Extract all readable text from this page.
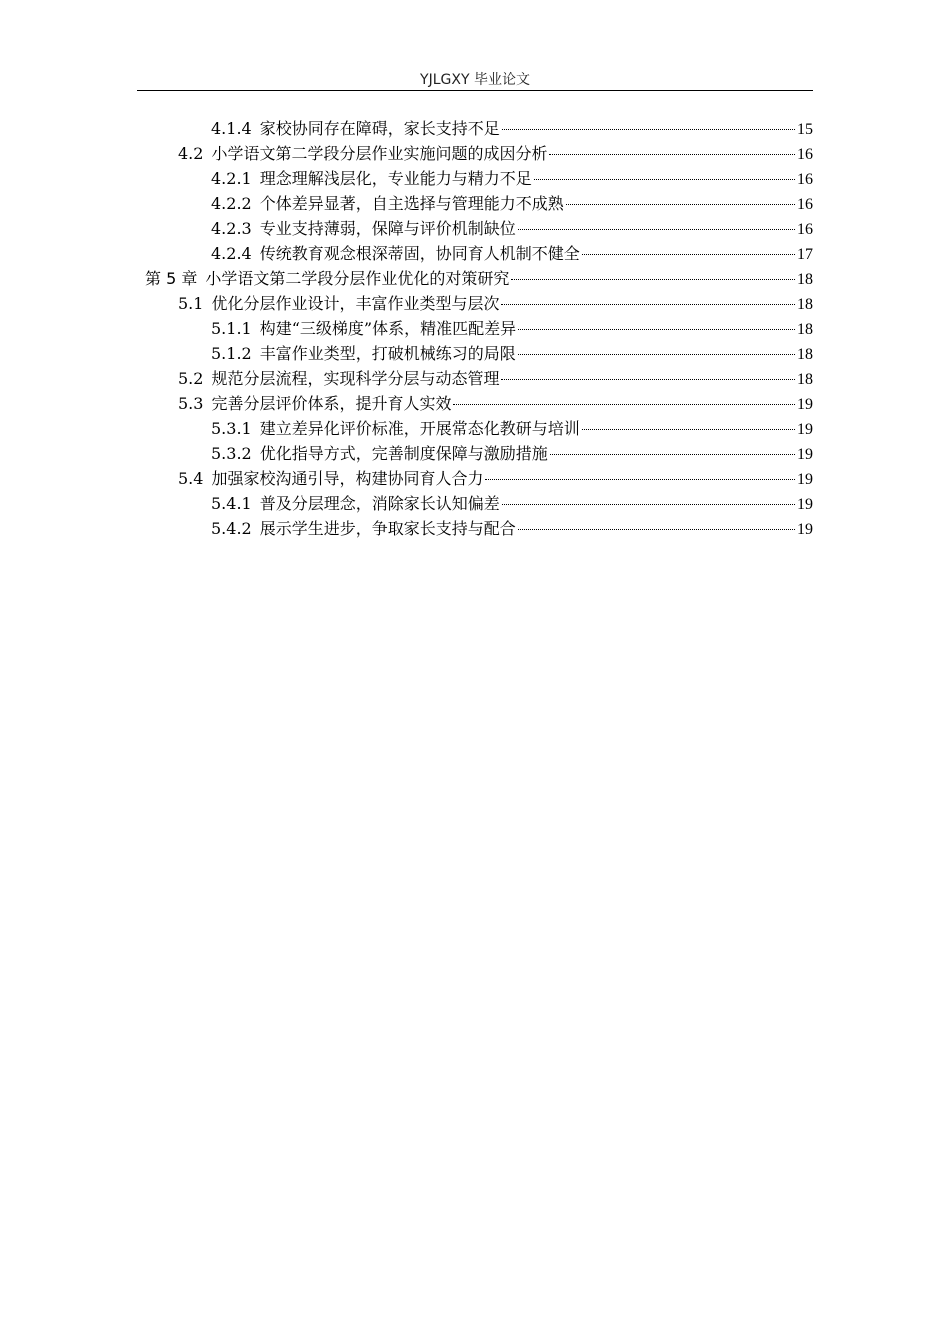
YJLGXY 毕业论文
4.1.4 家校协同存在障碍，家长支持不足	15
4.2 小学语文第二学段分层作业实施问题的成因分析	16
4.2.1 理念理解浅层化，专业能力与精力不足	16
4.2.2 个体差异显著，自主选择与管理能力不成熟	16
4.2.3 专业支持薄弱，保障与评价机制缺位	16
4.2.4 传统教育观念根深蒂固，协同育人机制不健全	17
第 5 章 小学语文第二学段分层作业优化的对策研究	18
5.1 优化分层作业设计，丰富作业类型与层次	18
5.1.1 构建“三级梯度”体系，精准匹配差异	18
5.1.2 丰富作业类型，打破机械练习的局限	18
5.2 规范分层流程，实现科学分层与动态管理	18
5.3 完善分层评价体系，提升育人实效	19
5.3.1 建立差异化评价标准，开展常态化教研与培训	19
5.3.2 优化指导方式，完善制度保障与激励措施	19
5.4 加强家校沟通引导，构建协同育人合力	19
5.4.1 普及分层理念，消除家长认知偏差	19
5.4.2 展示学生进步，争取家长支持与配合	19
